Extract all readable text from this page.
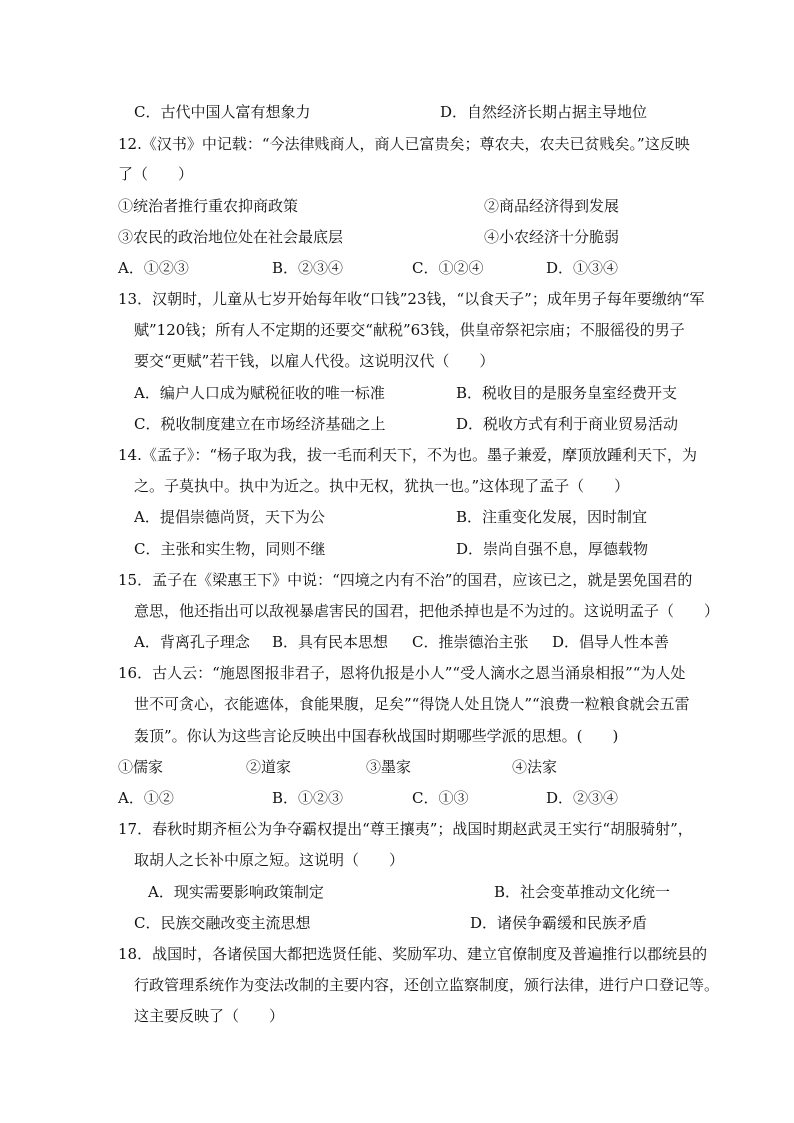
C．古代中国人富有想象力	D．自然经济长期占据主导地位
12.《汉书》中记载：“今法律贱商人，商人已富贵矣；尊农夫，农夫已贫贱矣。”这反映
了（　　）
①统治者推行重农抑商政策	②商品经济得到发展
③农民的政治地位处在社会最底层	④小农经济十分脆弱
A．①②③	B．②③④	C．①②④	D．①③④
13．汉朝时，儿童从七岁开始每年收“口钱”23钱，“以食天子”；成年男子每年要缴纳“军
赋”120钱；所有人不定期的还要交“献税”63钱，供皇帝祭祀宗庙；不服徭役的男子
要交“更赋”若干钱，以雇人代役。这说明汉代（　　）
A．编户人口成为赋税征收的唯一标准	B．税收目的是服务皇室经费开支
C．税收制度建立在市场经济基础之上	D．税收方式有利于商业贸易活动
14.《孟子》：“杨子取为我，拔一毛而利天下，不为也。墨子兼爱，摩顶放踵利天下，为
之。子莫执中。执中为近之。执中无权，犹执一也。”这体现了孟子（　　）
A．提倡崇德尚贤，天下为公	B．注重变化发展，因时制宜
C．主张和实生物，同则不继	D．崇尚自强不息，厚德载物
15．孟子在《梁惠王下》中说：“四境之内有不治”的国君，应该已之，就是罢免国君的
意思，他还指出可以敌视暴虐害民的国君，把他杀掉也是不为过的。这说明孟子（　　）
A．背离孔子理念 B．具有民本思想 C．推崇德治主张 D．倡导人性本善
16．古人云：“施恩图报非君子，恩将仇报是小人”“受人滴水之恩当涌泉相报”“为人处
世不可贪心，衣能遮体，食能果腹，足矣”“得饶人处且饶人”“浪费一粒粮食就会五雷
轰顶”。你认为这些言论反映出中国春秋战国时期哪些学派的思想。(　　)
①儒家	②道家	③墨家	④法家
A．①②	B．①②③	C．①③	D．②③④
17．春秋时期齐桓公为争夺霸权提出“尊王攘夷”；战国时期赵武灵王实行“胡服骑射”，
取胡人之长补中原之短。这说明（　　）
A．现实需要影响政策制定	B．社会变革推动文化统一
C．民族交融改变主流思想	D．诸侯争霸缓和民族矛盾
18．战国时，各诸侯国大都把选贤任能、奖励军功、建立官僚制度及普遍推行以郡统县的
行政管理系统作为变法改制的主要内容，还创立监察制度，颁行法律，进行户口登记等。
这主要反映了（　　）
